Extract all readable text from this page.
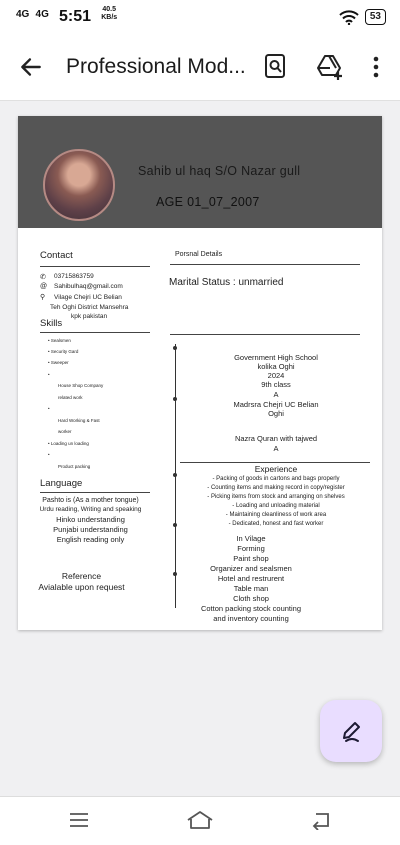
$^{4G}$ $^{4G}$ 5:51 40.5
KB/s	53
Professional Mod...
Sahib ul haq S/O Nazar gull
AGE 01_07_2007
Contact
✆ 03715863759
@ Sahibulhaq@gmail.com
⚲ Vilage Chejri UC Belian
Teh Oghi District Mansehra
kpk pakistan
Skills
• Sealsmen
• Security Gard
• Sweeper
•
House Shop Company
related work
•
Hard Working & Fast
worker
• Loading un loading
•
Product packing
Language
Pashto is (As a mother tongue)
Urdu reading, Writing and speaking
Hinko understanding
Punjabi understanding
English reading only
Reference
Avialable upon request
Porsnal Details
Marital Status : unmarried
Government High School
kolika Oghi
2024
9th class
A
Madrsra Chejri UC Belian
Oghi
Nazra Quran with tajwed
A
Experience
- Packing of goods in cartons and bags properly
- Counting items and making record in copy/register
- Picking items from stock and arranging on shelves
- Loading and unloading material
- Maintaining cleanliness of work area
- Dedicated, honest and fast worker
In Vilage
Forming
Paint shop
Organizer and sealsmen
Hotel and restrurent
Table man
Cloth shop
Cotton packing stock counting
and inventory counting
